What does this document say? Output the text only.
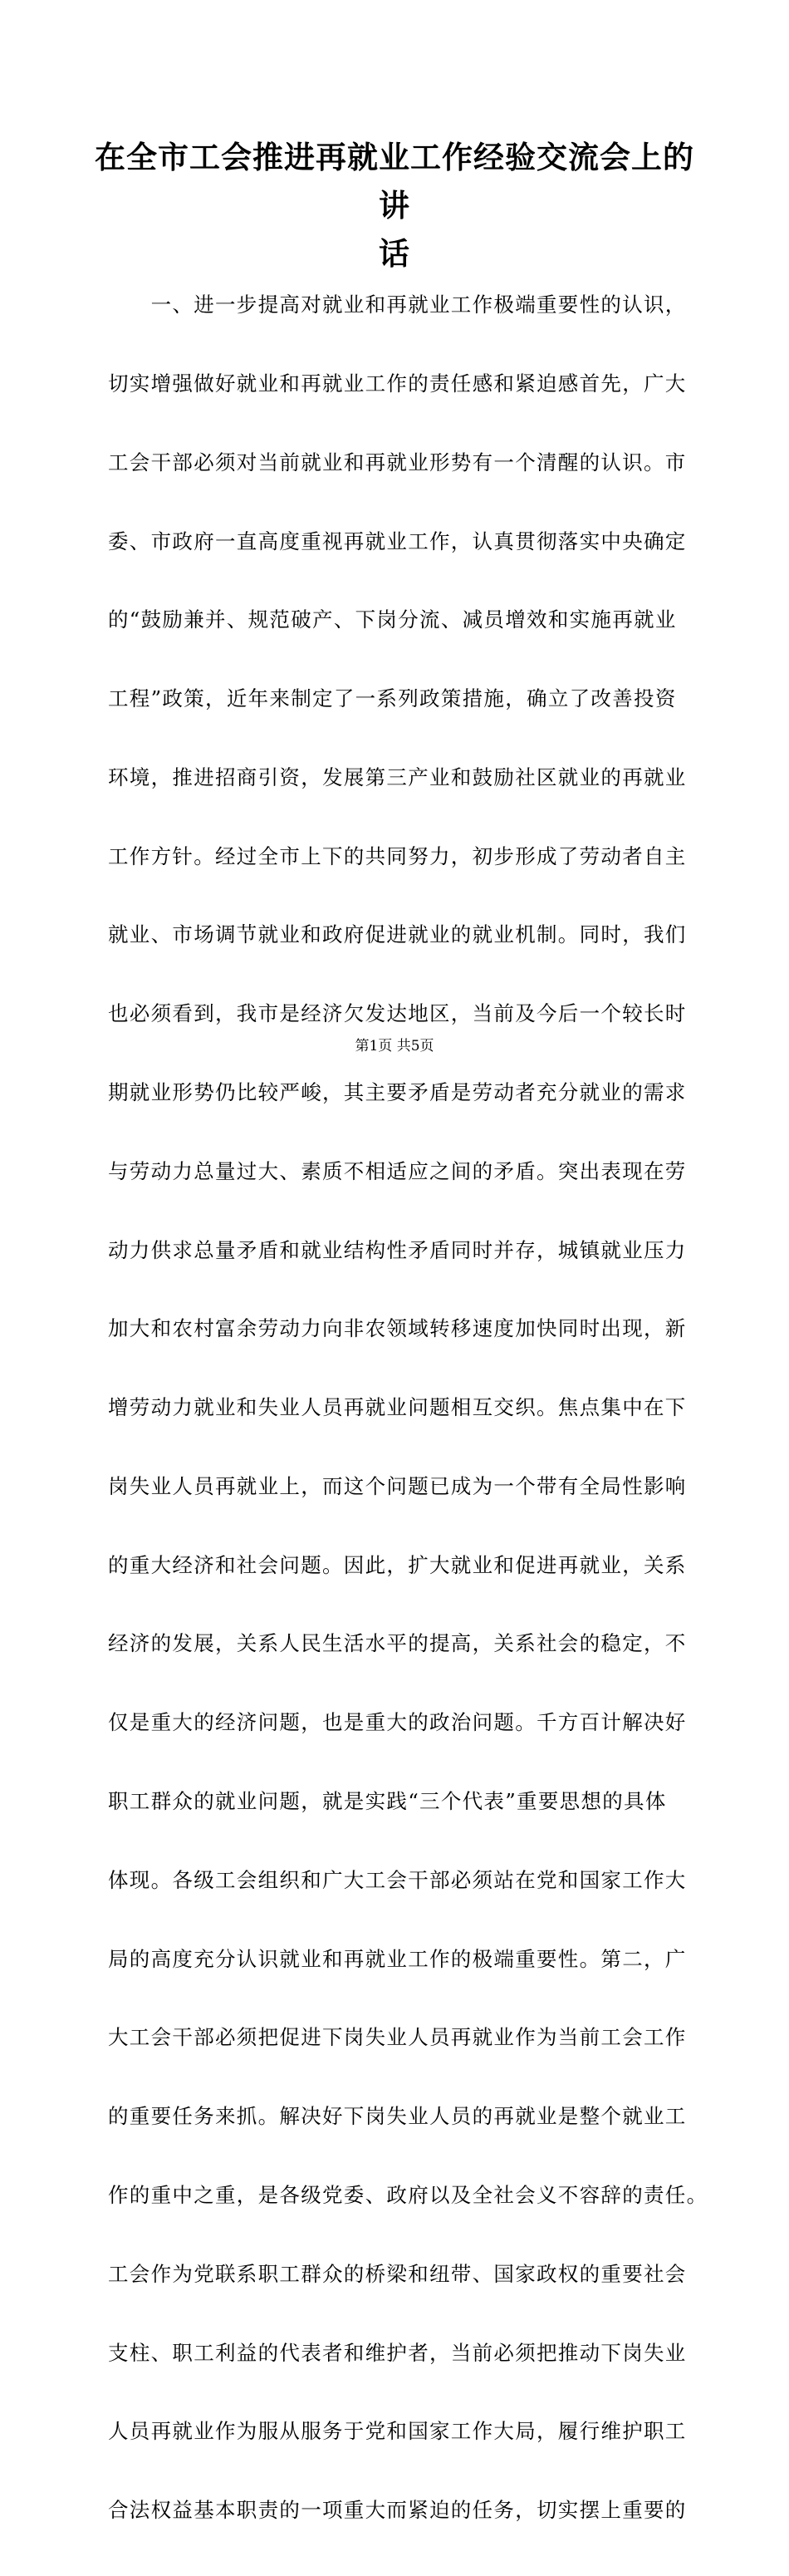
在全市工会推进再就业工作经验交流会上的讲
话

　　一、进一步提高对就业和再就业工作极端重要性的认识，

切实增强做好就业和再就业工作的责任感和紧迫感首先，广大

工会干部必须对当前就业和再就业形势有一个清醒的认识。市

委、市政府一直高度重视再就业工作，认真贯彻落实中央确定

的“鼓励兼并、规范破产、下岗分流、减员增效和实施再就业

工程”政策，近年来制定了一系列政策措施，确立了改善投资

环境，推进招商引资，发展第三产业和鼓励社区就业的再就业

工作方针。经过全市上下的共同努力，初步形成了劳动者自主

就业、市场调节就业和政府促进就业的就业机制。同时，我们

也必须看到，我市是经济欠发达地区，当前及今后一个较长时

期就业形势仍比较严峻，其主要矛盾是劳动者充分就业的需求

与劳动力总量过大、素质不相适应之间的矛盾。突出表现在劳

动力供求总量矛盾和就业结构性矛盾同时并存，城镇就业压力

加大和农村富余劳动力向非农领域转移速度加快同时出现，新

增劳动力就业和失业人员再就业问题相互交织。焦点集中在下

岗失业人员再就业上，而这个问题已成为一个带有全局性影响

的重大经济和社会问题。因此，扩大就业和促进再就业，关系

经济的发展，关系人民生活水平的提高，关系社会的稳定，不

仅是重大的经济问题，也是重大的政治问题。千方百计解决好

职工群众的就业问题，就是实践“三个代表”重要思想的具体

体现。各级工会组织和广大工会干部必须站在党和国家工作大

局的高度充分认识就业和再就业工作的极端重要性。第二，广

大工会干部必须把促进下岗失业人员再就业作为当前工会工作

的重要任务来抓。解决好下岗失业人员的再就业是整个就业工

作的重中之重，是各级党委、政府以及全社会义不容辞的责任。

工会作为党联系职工群众的桥梁和纽带、国家政权的重要社会

支柱、职工利益的代表者和维护者，当前必须把推动下岗失业

人员再就业作为服从服务于党和国家工作大局，履行维护职工

合法权益基本职责的一项重大而紧迫的任务，切实摆上重要的

第1页 共5页
